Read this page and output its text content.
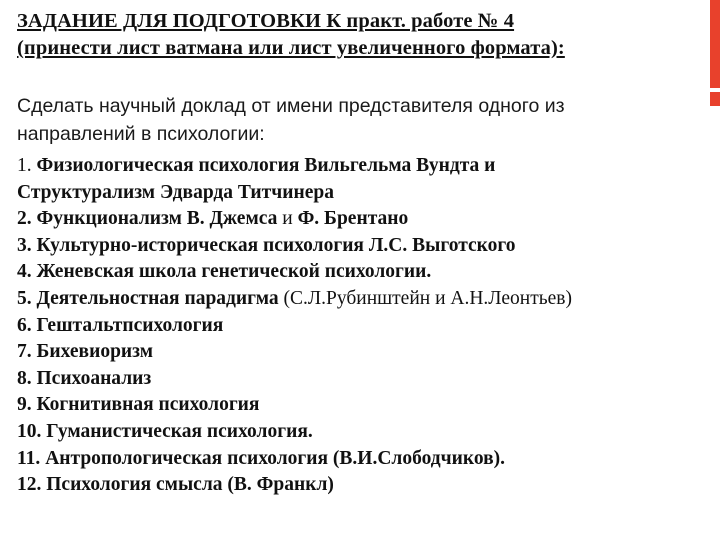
ЗАДАНИЕ ДЛЯ ПОДГОТОВКИ К практ. работе № 4
(принести лист ватмана или лист увеличенного формата):
Сделать научный доклад от имени представителя одного из
направлений в психологии:
1. Физиологическая психология Вильгельма Вундта и
Структурализм Эдварда Титчинера
2. Функционализм В. Джемса и Ф. Брентано
3. Культурно-историческая психология Л.С. Выготского
4. Женевская школа генетической психологии.
5. Деятельностная парадигма (С.Л.Рубинштейн и А.Н.Леонтьев)
6. Гештальтпсихология
7. Бихевиоризм
8. Психоанализ
9. Когнитивная психология
10. Гуманистическая психология.
11. Антропологическая психология (В.И.Слободчиков).
12. Психология смысла (В. Франкл)
